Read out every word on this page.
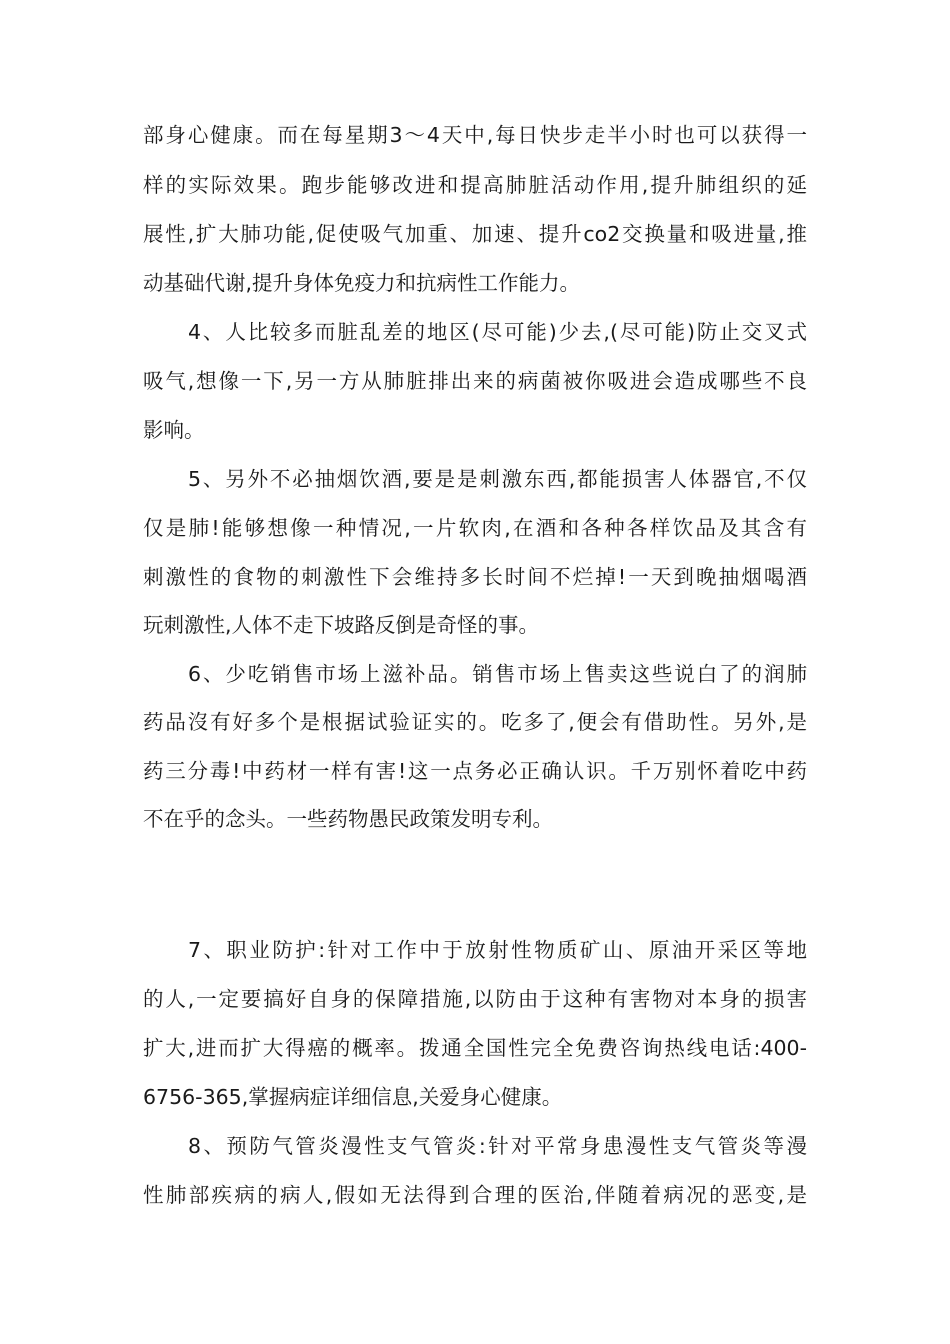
部身心健康。而在每星期3～4天中,每日快步走半小时也可以获得一
样的实际效果。跑步能够改进和提高肺脏活动作用,提升肺组织的延
展性,扩大肺功能,促使吸气加重、加速、提升co2交换量和吸进量,推
动基础代谢,提升身体免疫力和抗病性工作能力。
4、人比较多而脏乱差的地区(尽可能)少去,(尽可能)防止交叉式
吸气,想像一下,另一方从肺脏排出来的病菌被你吸进会造成哪些不良
影响。
5、另外不必抽烟饮酒,要是是刺激东西,都能损害人体器官,不仅
仅是肺!能够想像一种情况,一片软肉,在酒和各种各样饮品及其含有
刺激性的食物的刺激性下会维持多长时间不烂掉!一天到晚抽烟喝酒
玩刺激性,人体不走下坡路反倒是奇怪的事。
6、少吃销售市场上滋补品。销售市场上售卖这些说白了的润肺
药品沒有好多个是根据试验证实的。吃多了,便会有借助性。另外,是
药三分毒!中药材一样有害!这一点务必正确认识。千万别怀着吃中药
不在乎的念头。一些药物愚民政策发明专利。
7、职业防护:针对工作中于放射性物质矿山、原油开采区等地
的人,一定要搞好自身的保障措施,以防由于这种有害物对本身的损害
扩大,进而扩大得癌的概率。拨通全国性完全免费咨询热线电话:400-
6756-365,掌握病症详细信息,关爱身心健康。
8、预防气管炎漫性支气管炎:针对平常身患漫性支气管炎等漫
性肺部疾病的病人,假如无法得到合理的医治,伴随着病况的恶变,是
